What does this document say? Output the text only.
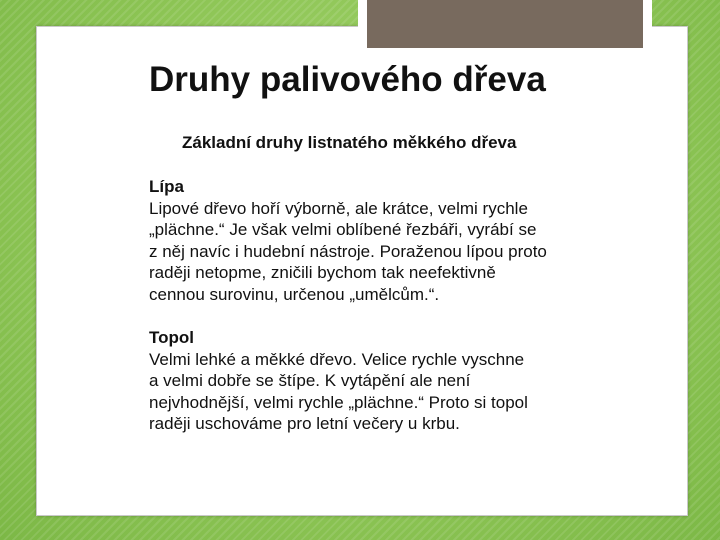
Druhy palivového dřeva
Základní druhy listnatého měkkého dřeva
Lípa
Lipové dřevo hoří výborně, ale krátce, velmi rychle
„plächne.“ Je však velmi oblíbené řezbáři, vyrábí se
z něj navíc i hudební nástroje. Poraženou lípou proto
raději netopme, zničili bychom tak neefektivně
cennou surovinu, určenou „umělcům.“.
Topol
Velmi lehké a měkké dřevo. Velice rychle vyschne
a velmi dobře se štípe. K vytápění ale není
nejvhodnější, velmi rychle „plächne.“ Proto si topol
raději uschováme pro letní večery u krbu.
